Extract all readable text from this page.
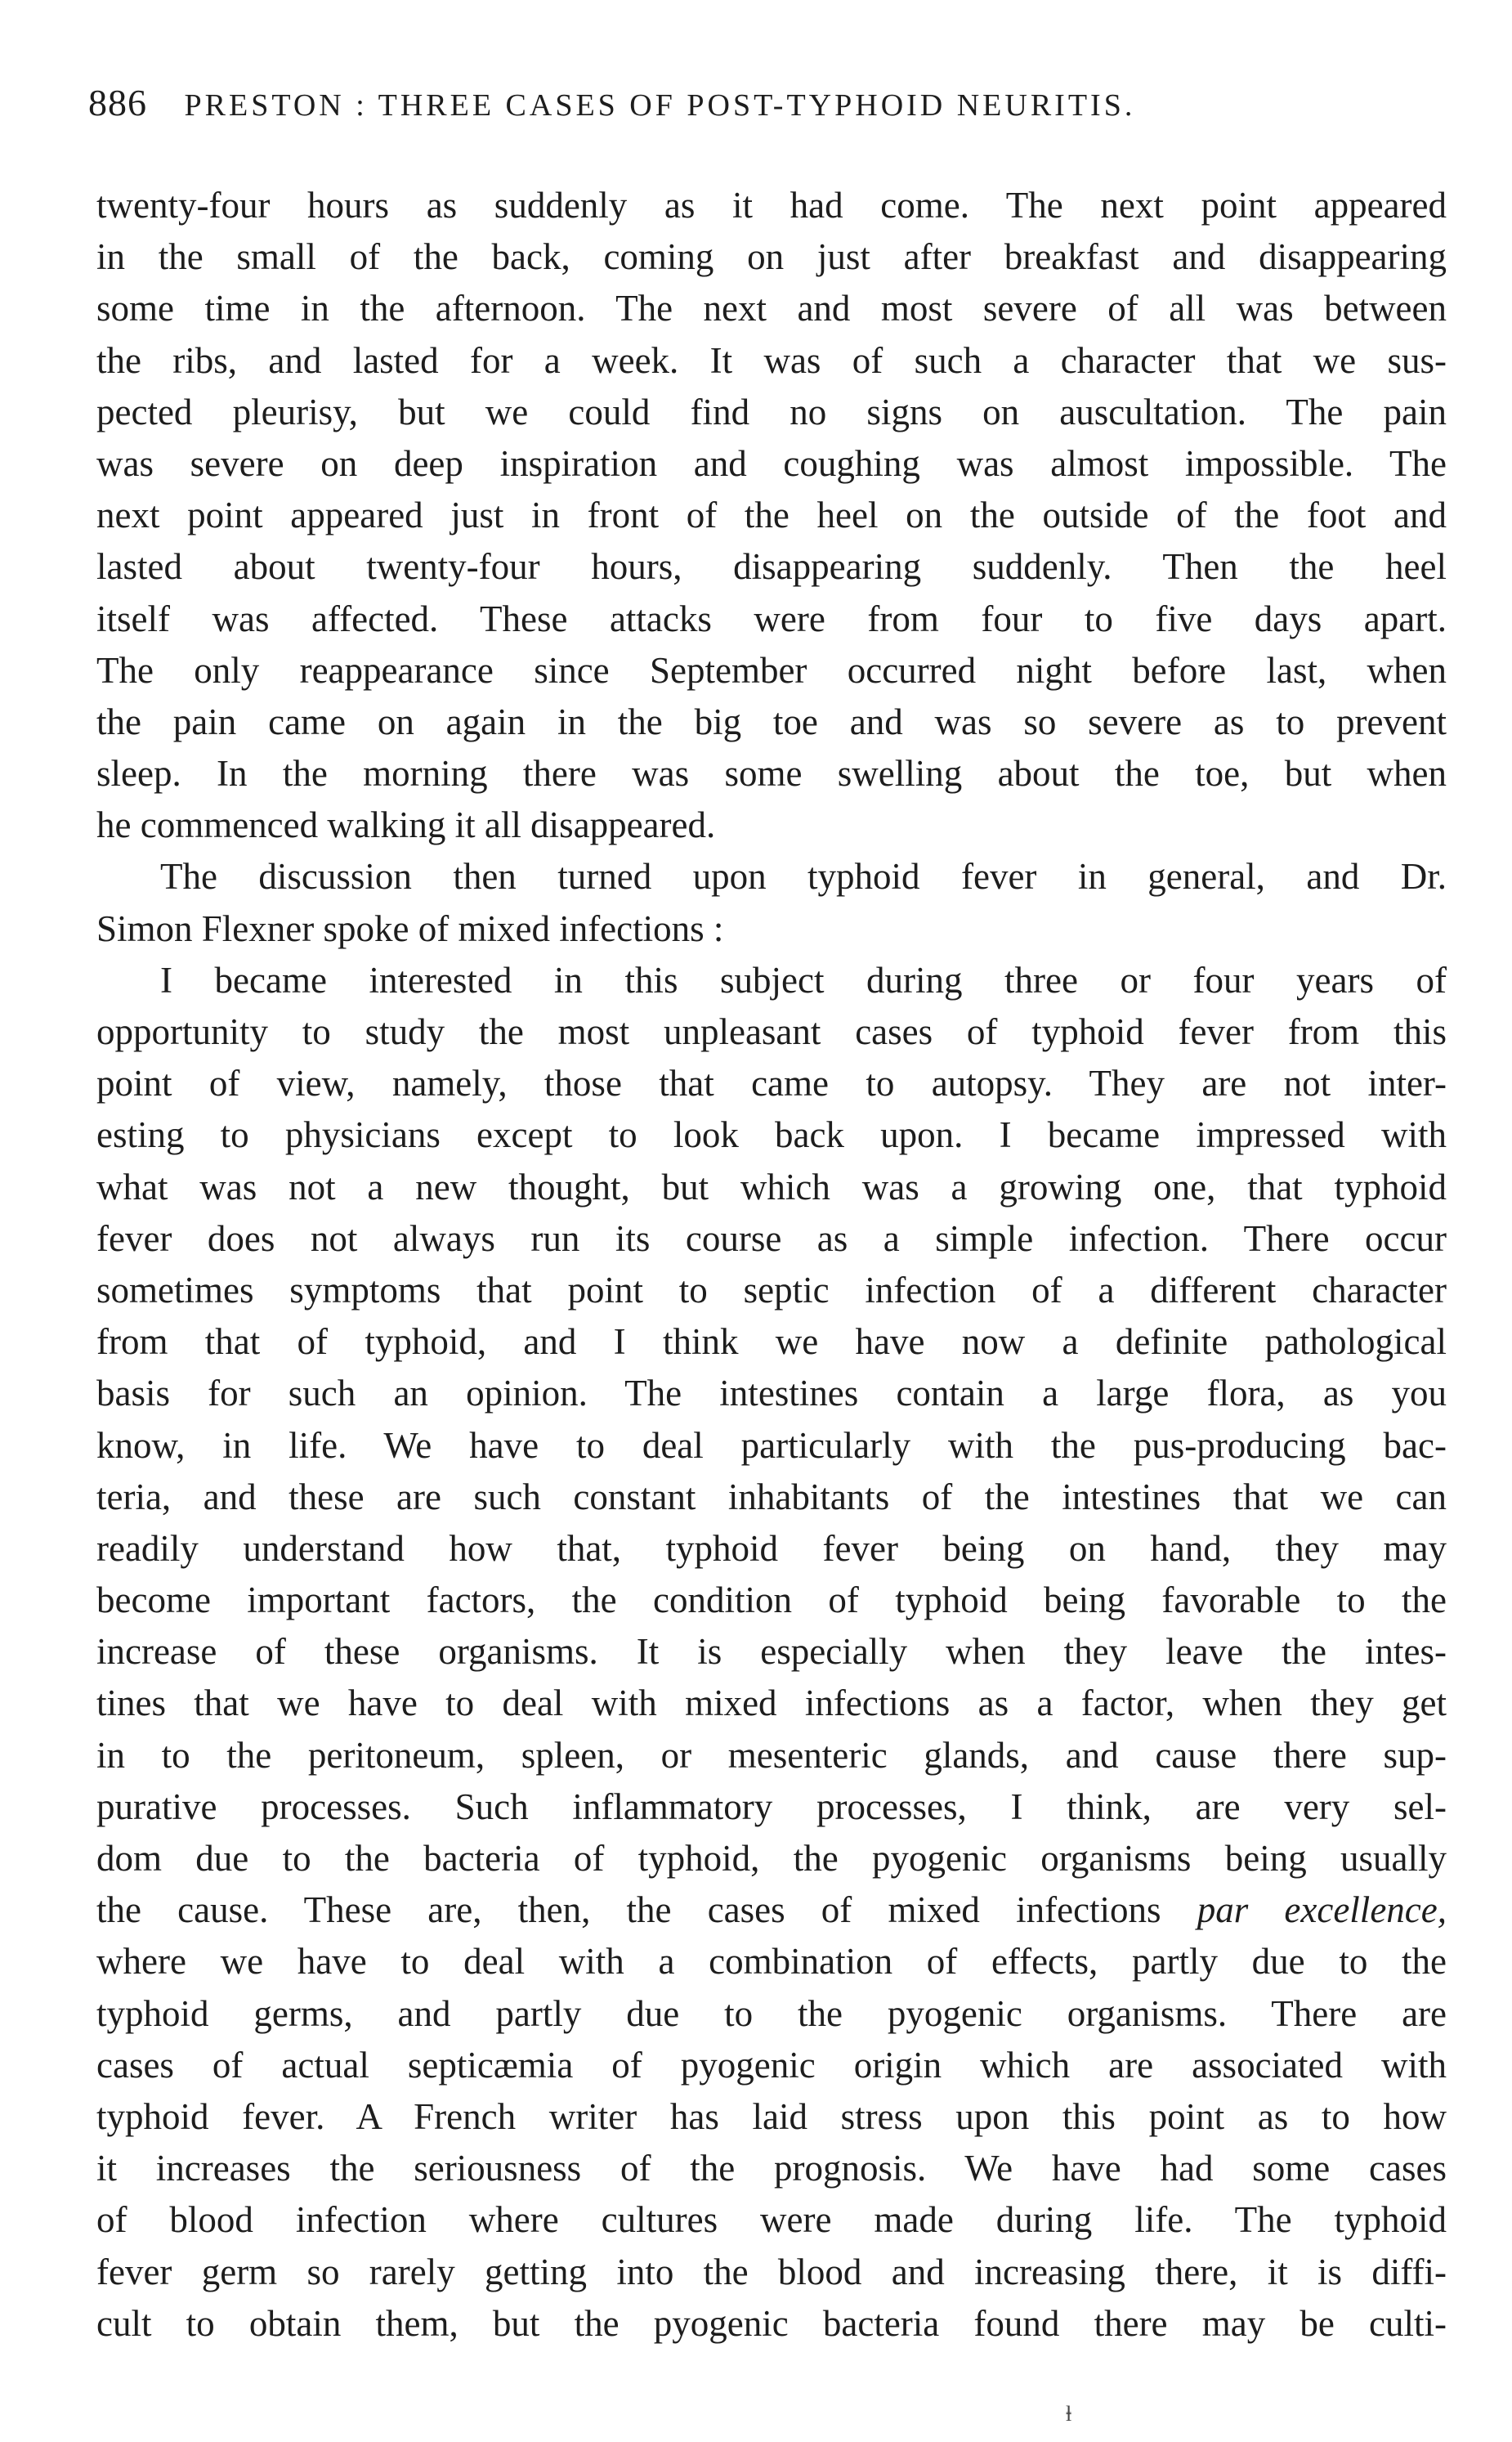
886 PRESTON : THREE CASES OF POST-TYPHOID NEURITIS.
twenty-four hours as suddenly as it had come. The next point appeared
in the small of the back, coming on just after breakfast and disappearing
some time in the afternoon. The next and most severe of all was between
the ribs, and lasted for a week. It was of such a character that we sus-
pected pleurisy, but we could find no signs on auscultation. The pain
was severe on deep inspiration and coughing was almost impossible. The
next point appeared just in front of the heel on the outside of the foot and
lasted about twenty-four hours, disappearing suddenly. Then the heel
itself was affected. These attacks were from four to five days apart.
The only reappearance since September occurred night before last, when
the pain came on again in the big toe and was so severe as to prevent
sleep. In the morning there was some swelling about the toe, but when
he commenced walking it all disappeared.
The discussion then turned upon typhoid fever in general, and Dr.
Simon Flexner spoke of mixed infections :
I became interested in this subject during three or four years of
opportunity to study the most unpleasant cases of typhoid fever from this
point of view, namely, those that came to autopsy. They are not inter-
esting to physicians except to look back upon. I became impressed with
what was not a new thought, but which was a growing one, that typhoid
fever does not always run its course as a simple infection. There occur
sometimes symptoms that point to septic infection of a different character
from that of typhoid, and I think we have now a definite pathological
basis for such an opinion. The intestines contain a large flora, as you
know, in life. We have to deal particularly with the pus-producing bac-
teria, and these are such constant inhabitants of the intestines that we can
readily understand how that, typhoid fever being on hand, they may
become important factors, the condition of typhoid being favorable to the
increase of these organisms. It is especially when they leave the intes-
tines that we have to deal with mixed infections as a factor, when they get
in to the peritoneum, spleen, or mesenteric glands, and cause there sup-
purative processes. Such inflammatory processes, I think, are very sel-
dom due to the bacteria of typhoid, the pyogenic organisms being usually
the cause. These are, then, the cases of mixed infections par excellence,
where we have to deal with a combination of effects, partly due to the
typhoid germs, and partly due to the pyogenic organisms. There are
cases of actual septicæmia of pyogenic origin which are associated with
typhoid fever. A French writer has laid stress upon this point as to how
it increases the seriousness of the prognosis. We have had some cases
of blood infection where cultures were made during life. The typhoid
fever germ so rarely getting into the blood and increasing there, it is diffi-
cult to obtain them, but the pyogenic bacteria found there may be culti-
ⱡ
